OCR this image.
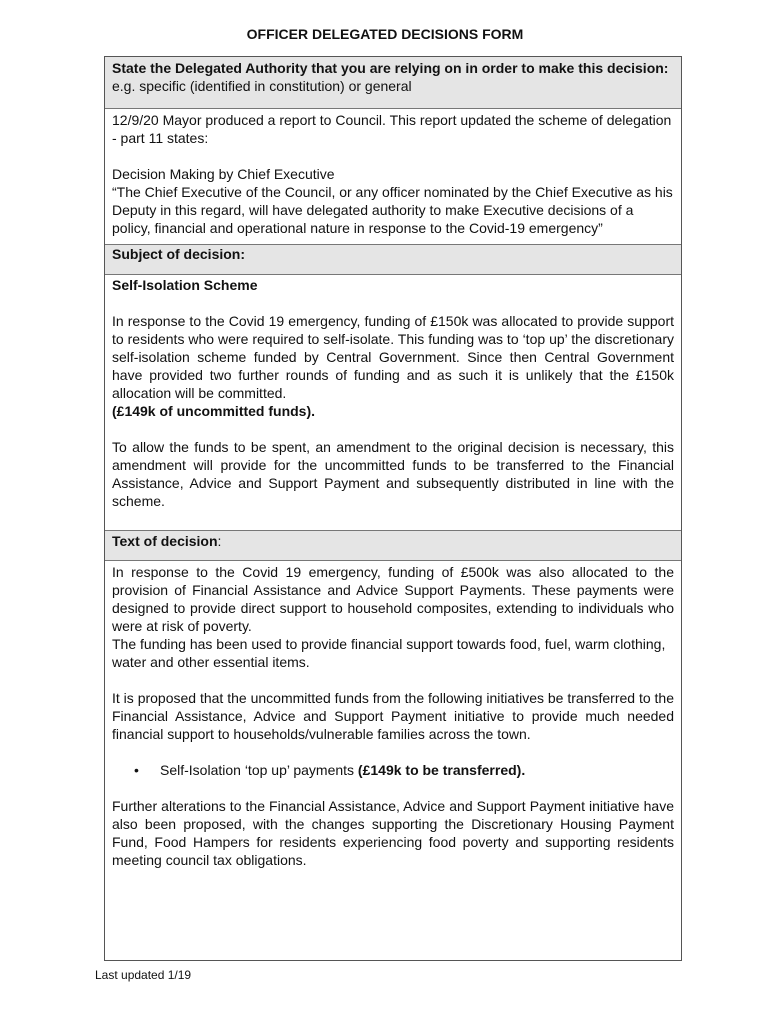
OFFICER DELEGATED DECISIONS FORM
State the Delegated Authority that you are relying on in order to make this decision: e.g. specific (identified in constitution) or general

12/9/20 Mayor produced a report to Council. This report updated the scheme of delegation - part 11 states:

Decision Making by Chief Executive

“The Chief Executive of the Council, or any officer nominated by the Chief Executive as his Deputy in this regard, will have delegated authority to make Executive decisions of a policy, financial and operational nature in response to the Covid-19 emergency”

Subject of decision:

Self-Isolation Scheme

In response to the Covid 19 emergency, funding of £150k was allocated to provide support to residents who were required to self-isolate. This funding was to ‘top up’ the discretionary self-isolation scheme funded by Central Government. Since then Central Government have provided two further rounds of funding and as such it is unlikely that the £150k allocation will be committed.

(£149k of uncommitted funds).

To allow the funds to be spent, an amendment to the original decision is necessary, this amendment will provide for the uncommitted funds to be transferred to the Financial Assistance, Advice and Support Payment and subsequently distributed in line with the scheme.

Text of decision:

In response to the Covid 19 emergency, funding of £500k was also allocated to the provision of Financial Assistance and Advice Support Payments. These payments were designed to provide direct support to household composites, extending to individuals who were at risk of poverty.

The funding has been used to provide financial support towards food, fuel, warm clothing, water and other essential items.

It is proposed that the uncommitted funds from the following initiatives be transferred to the Financial Assistance, Advice and Support Payment initiative to provide much needed financial support to households/vulnerable families across the town.

•	Self-Isolation ‘top up’ payments (£149k to be transferred).

Further alterations to the Financial Assistance, Advice and Support Payment initiative have also been proposed, with the changes supporting the Discretionary Housing Payment Fund, Food Hampers for residents experiencing food poverty and supporting residents meeting council tax obligations.

Last updated 1/19
